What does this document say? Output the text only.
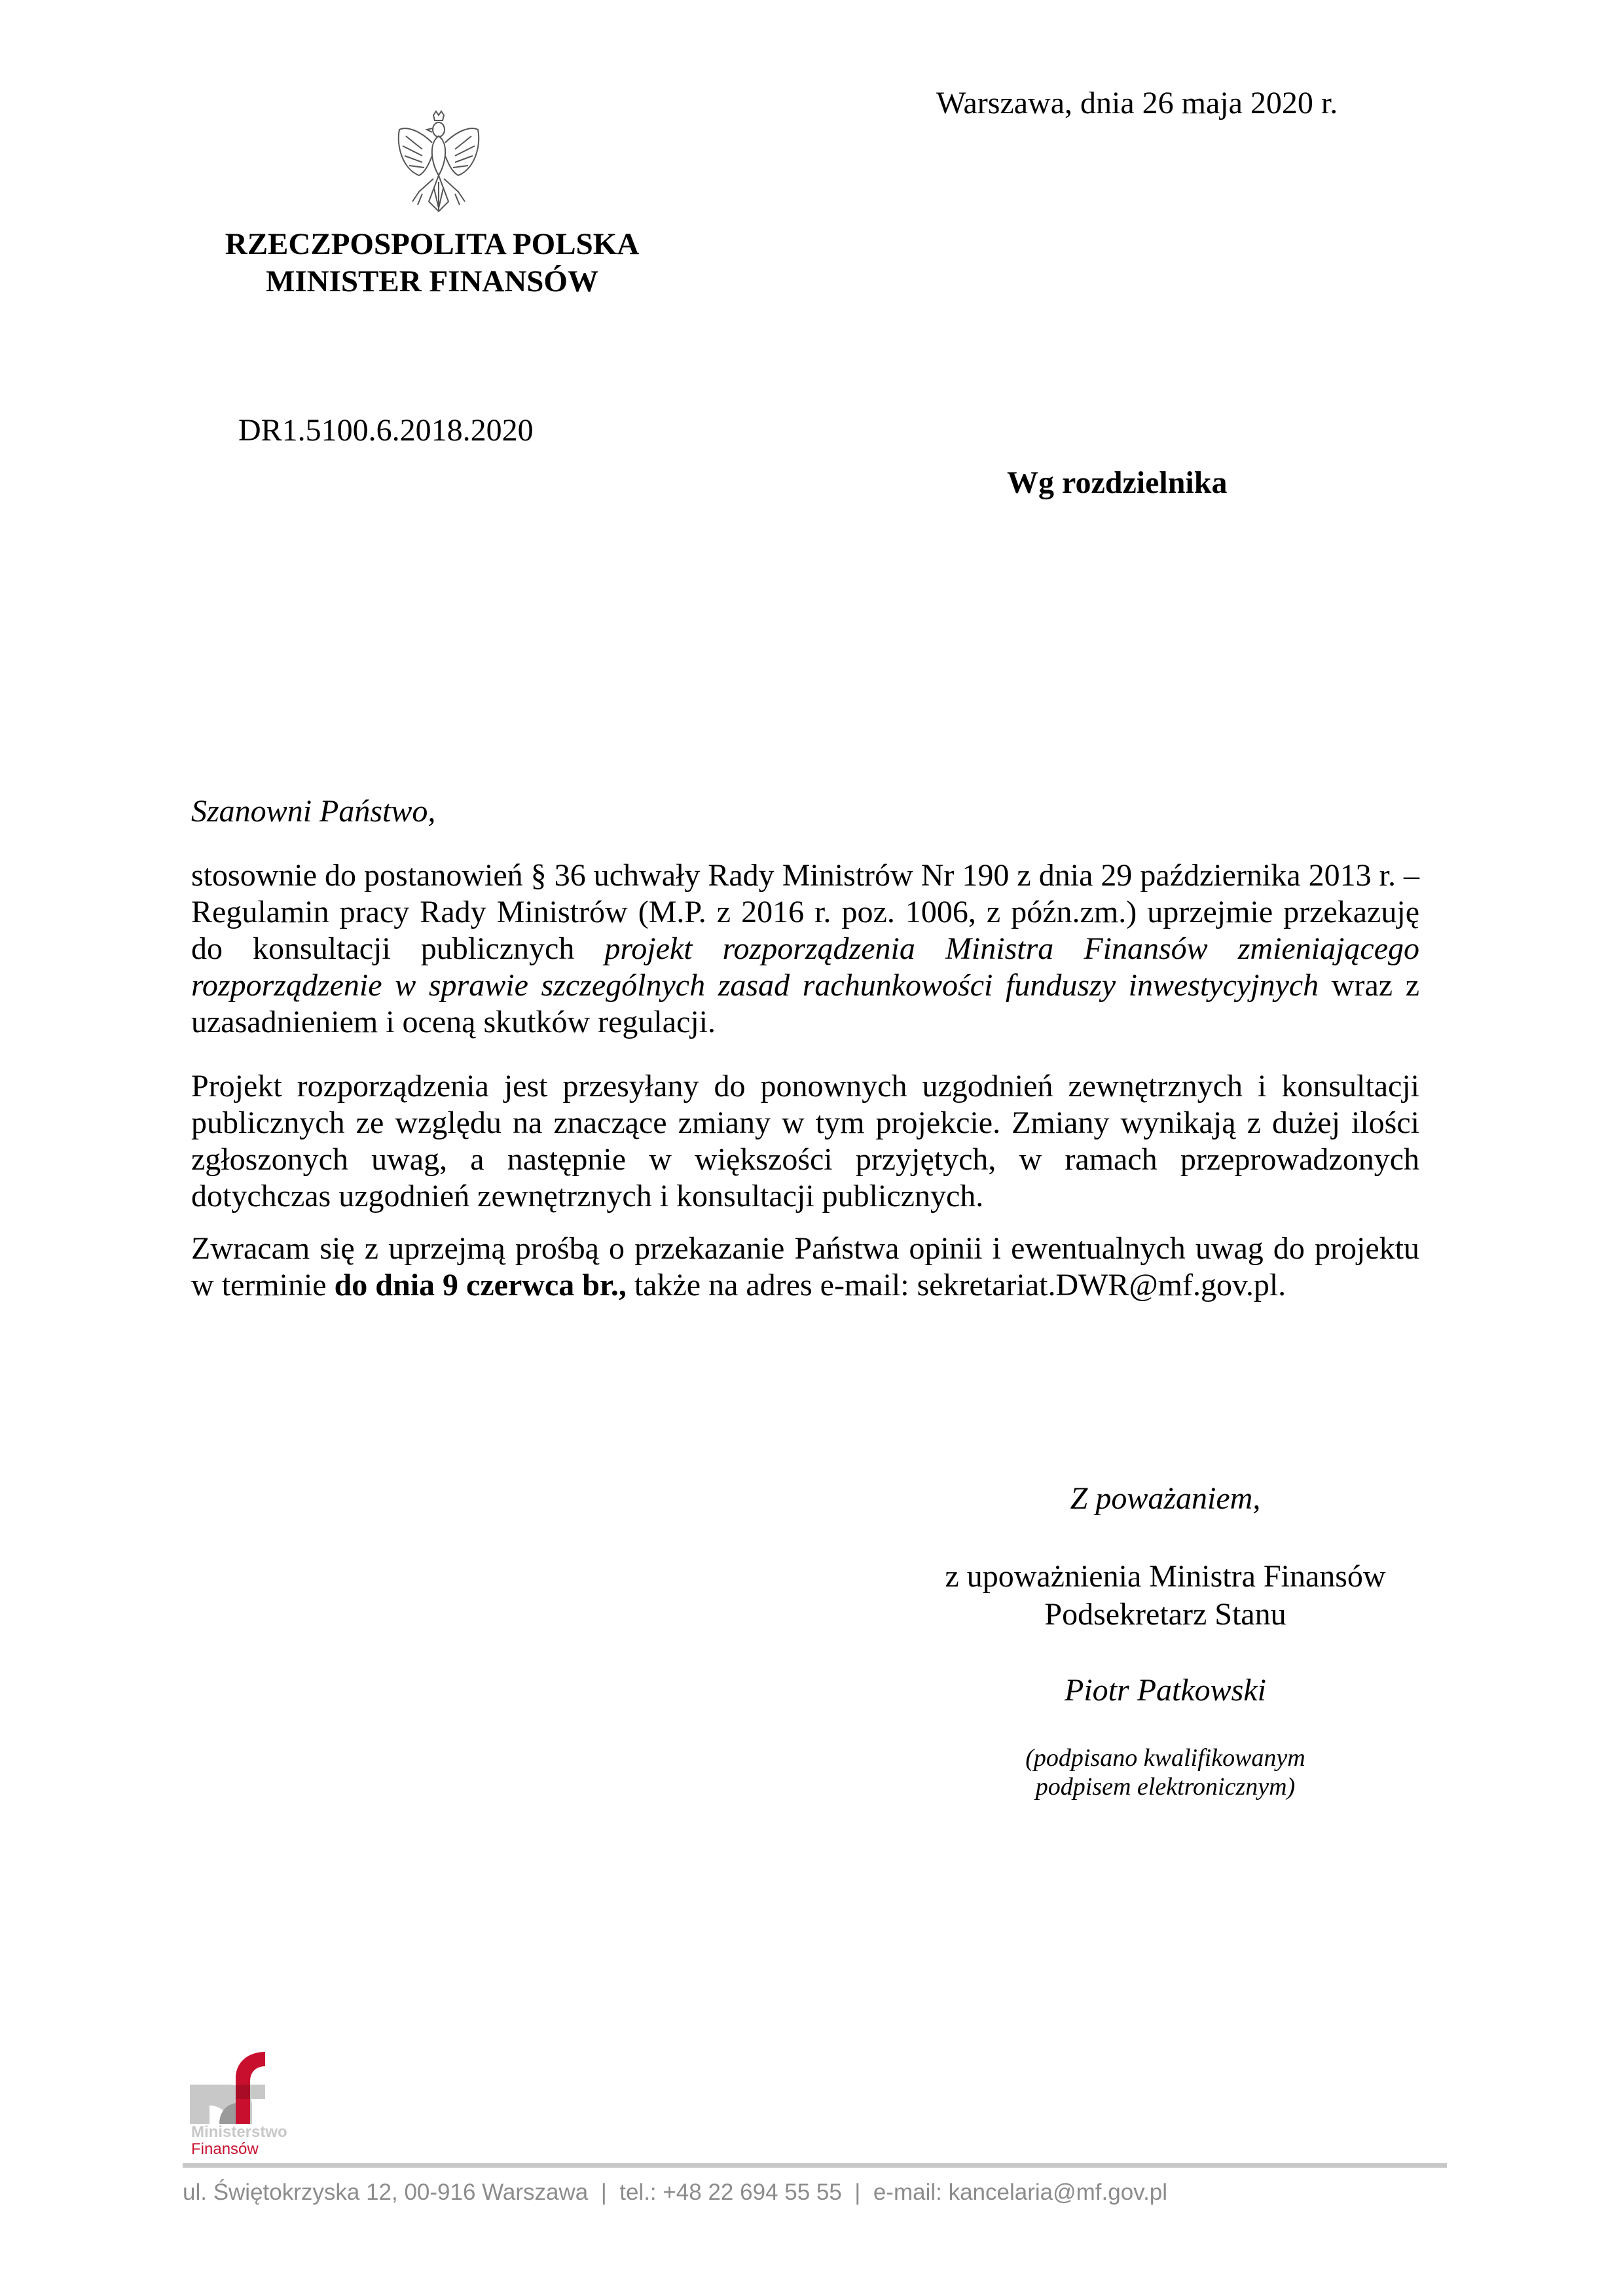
RZECZPOSPOLITA POLSKA
MINISTER FINANSÓW
Warszawa, dnia 26 maja 2020 r.
DR1.5100.6.2018.2020
Wg rozdzielnika
Szanowni Państwo,

stosownie do postanowień § 36 uchwały Rady Ministrów Nr 190 z dnia 29 października 2013 r. – Regulamin pracy Rady Ministrów (M.P. z 2016 r. poz. 1006, z późn.zm.) uprzejmie przekazuję do konsultacji publicznych projekt rozporządzenia Ministra Finansów zmieniającego rozporządzenie w sprawie szczególnych zasad rachunkowości funduszy inwestycyjnych wraz z uzasadnieniem i oceną skutków regulacji.

Projekt rozporządzenia jest przesyłany do ponownych uzgodnień zewnętrznych i konsultacji publicznych ze względu na znaczące zmiany w tym projekcie. Zmiany wynikają z dużej ilości zgłoszonych uwag, a następnie w większości przyjętych, w ramach przeprowadzonych dotychczas uzgodnień zewnętrznych i konsultacji publicznych.

Zwracam się z uprzejmą prośbą o przekazanie Państwa opinii i ewentualnych uwag do projektu w terminie do dnia 9 czerwca br., także na adres e-mail: sekretariat.DWR@mf.gov.pl.

Z poważaniem,
z upoważnienia Ministra Finansów
Podsekretarz Stanu
Piotr Patkowski
(podpisano kwalifikowanym
podpisem elektronicznym)
Ministerstwo
Finansów
ul. Świętokrzyska 12, 00-916 Warszawa | tel.: +48 22 694 55 55 | e-mail: kancelaria@mf.gov.pl
